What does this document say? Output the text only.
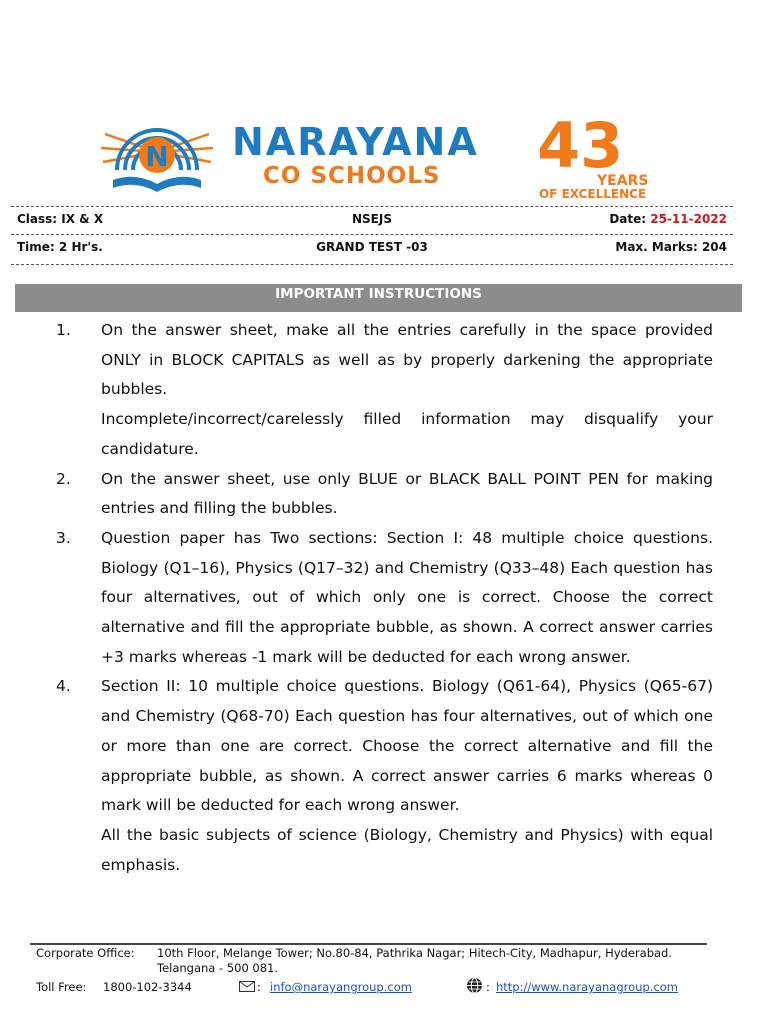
N NARAYANA
CO SCHOOLS 43
YEARS
OF EXCELLENCE
Class: IX & X	NSEJS	Date: 25-11-2022
Time: 2 Hr's.	GRAND TEST -03	Max. Marks: 204
IMPORTANT INSTRUCTIONS
1. On the answer sheet, make all the entries carefully in the space provided ONLY in BLOCK CAPITALS as well as by properly darkening the appropriate bubbles.

Incomplete/incorrect/carelessly filled information may disqualify your candidature.

2. On the answer sheet, use only BLUE or BLACK BALL POINT PEN for making entries and filling the bubbles.

3. Question paper has Two sections: Section I: 48 multiple choice questions. Biology (Q1–16), Physics (Q17–32) and Chemistry (Q33–48) Each question has four alternatives, out of which only one is correct. Choose the correct alternative and fill the appropriate bubble, as shown. A correct answer carries +3 marks whereas -1 mark will be deducted for each wrong answer.

4. Section II: 10 multiple choice questions. Biology (Q61-64), Physics (Q65-67) and Chemistry (Q68-70) Each question has four alternatives, out of which one or more than one are correct. Choose the correct alternative and fill the appropriate bubble, as shown. A correct answer carries 6 marks whereas 0 mark will be deducted for each wrong answer.

All the basic subjects of science (Biology, Chemistry and Physics) with equal emphasis.

Corporate Office: 10th Floor, Melange Tower; No.80-84, Pathrika Nagar; Hitech-City, Madhapur, Hyderabad.
Telangana - 500 081.
Toll Free: 1800-102-3344	: info@narayangroup.com	: http://www.narayanagroup.com
